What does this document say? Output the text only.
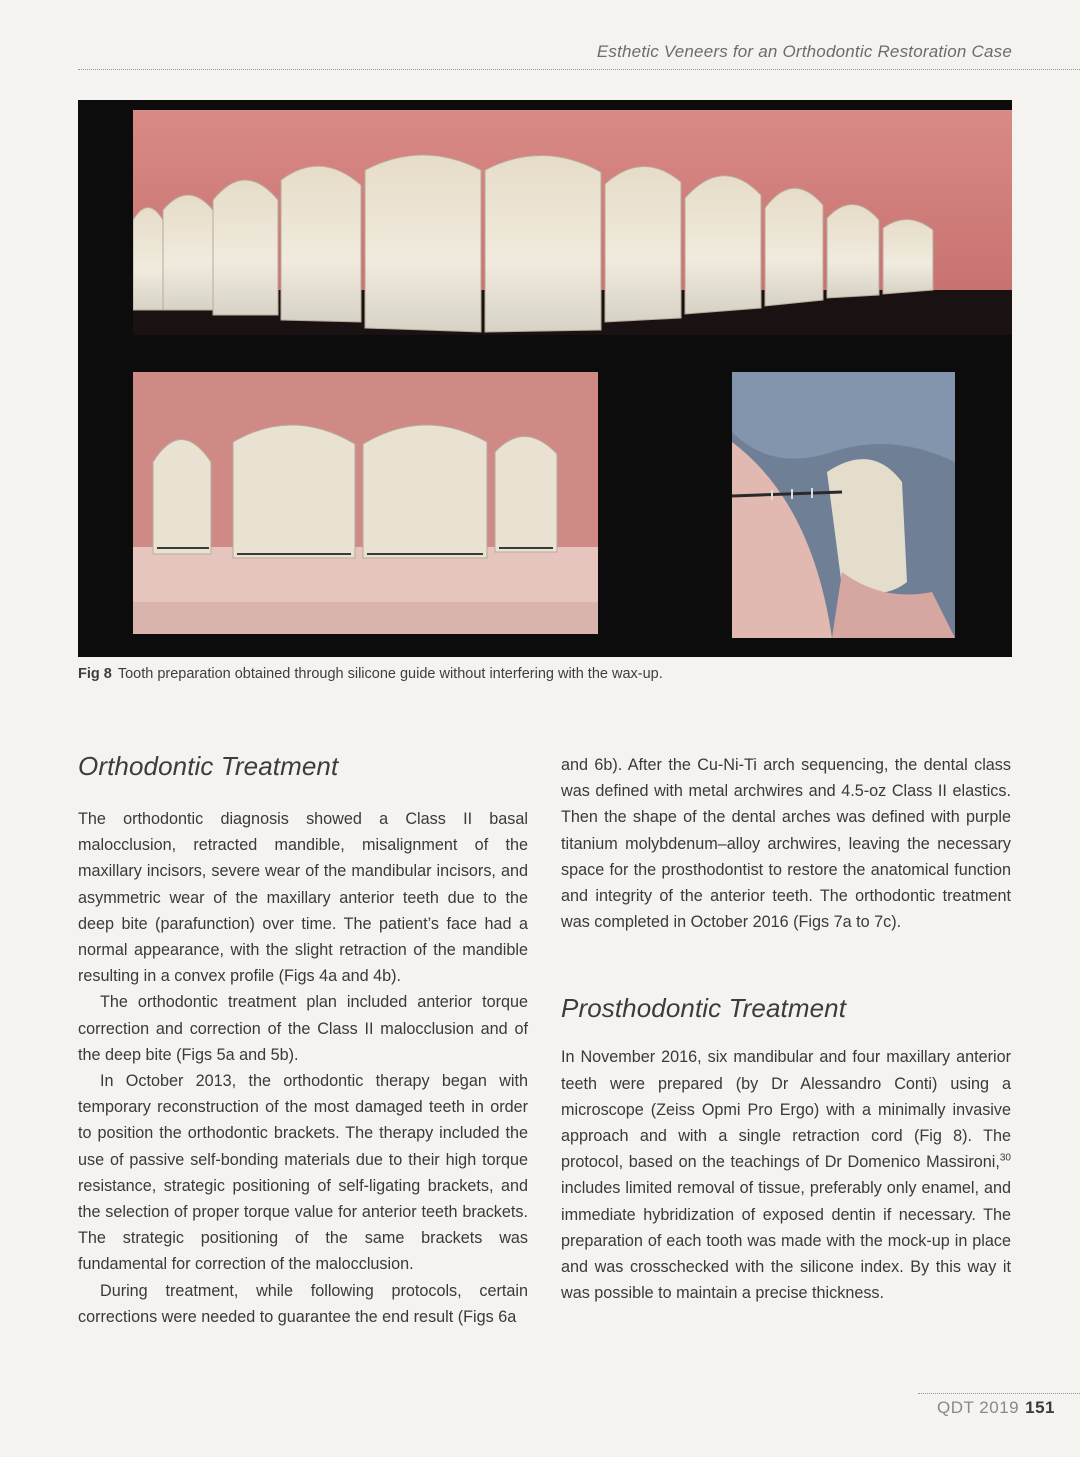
Esthetic Veneers for an Orthodontic Restoration Case
Fig 8 Tooth preparation obtained through silicone guide without interfering with the wax-up.
Orthodontic Treatment

The orthodontic diagnosis showed a Class II basal malocclusion, retracted mandible, misalignment of the maxillary incisors, severe wear of the mandibular incisors, and asymmetric wear of the maxillary anterior teeth due to the deep bite (parafunction) over time. The patient’s face had a normal appearance, with the slight retraction of the mandible resulting in a convex profile (Figs 4a and 4b).

The orthodontic treatment plan included anterior torque correction and correction of the Class II malocclusion and of the deep bite (Figs 5a and 5b).

In October 2013, the orthodontic therapy began with temporary reconstruction of the most damaged teeth in order to position the orthodontic brackets. The therapy included the use of passive self-bonding materials due to their high torque resistance, strategic positioning of self-ligating brackets, and the selection of proper torque value for anterior teeth brackets. The strategic positioning of the same brackets was fundamental for correction of the malocclusion.

During treatment, while following protocols, certain corrections were needed to guarantee the end result (Figs 6a

and 6b). After the Cu-Ni-Ti arch sequencing, the dental class was defined with metal archwires and 4.5-oz Class II elastics. Then the shape of the dental arches was defined with purple titanium molybdenum–alloy archwires, leaving the necessary space for the prosthodontist to restore the anatomical function and integrity of the anterior teeth. The orthodontic treatment was completed in October 2016 (Figs 7a to 7c).

Prosthodontic Treatment

In November 2016, six mandibular and four maxillary anterior teeth were prepared (by Dr Alessandro Conti) using a microscope (Zeiss Opmi Pro Ergo) with a minimally invasive approach and with a single retraction cord (Fig 8). The protocol, based on the teachings of Dr Domenico Massironi,$^{30}$ includes limited removal of tissue, preferably only enamel, and immediate hybridization of exposed dentin if necessary. The preparation of each tooth was made with the mock-up in place and was crosschecked with the silicone index. By this way it was possible to maintain a precise thickness.

QDT 2019 151
